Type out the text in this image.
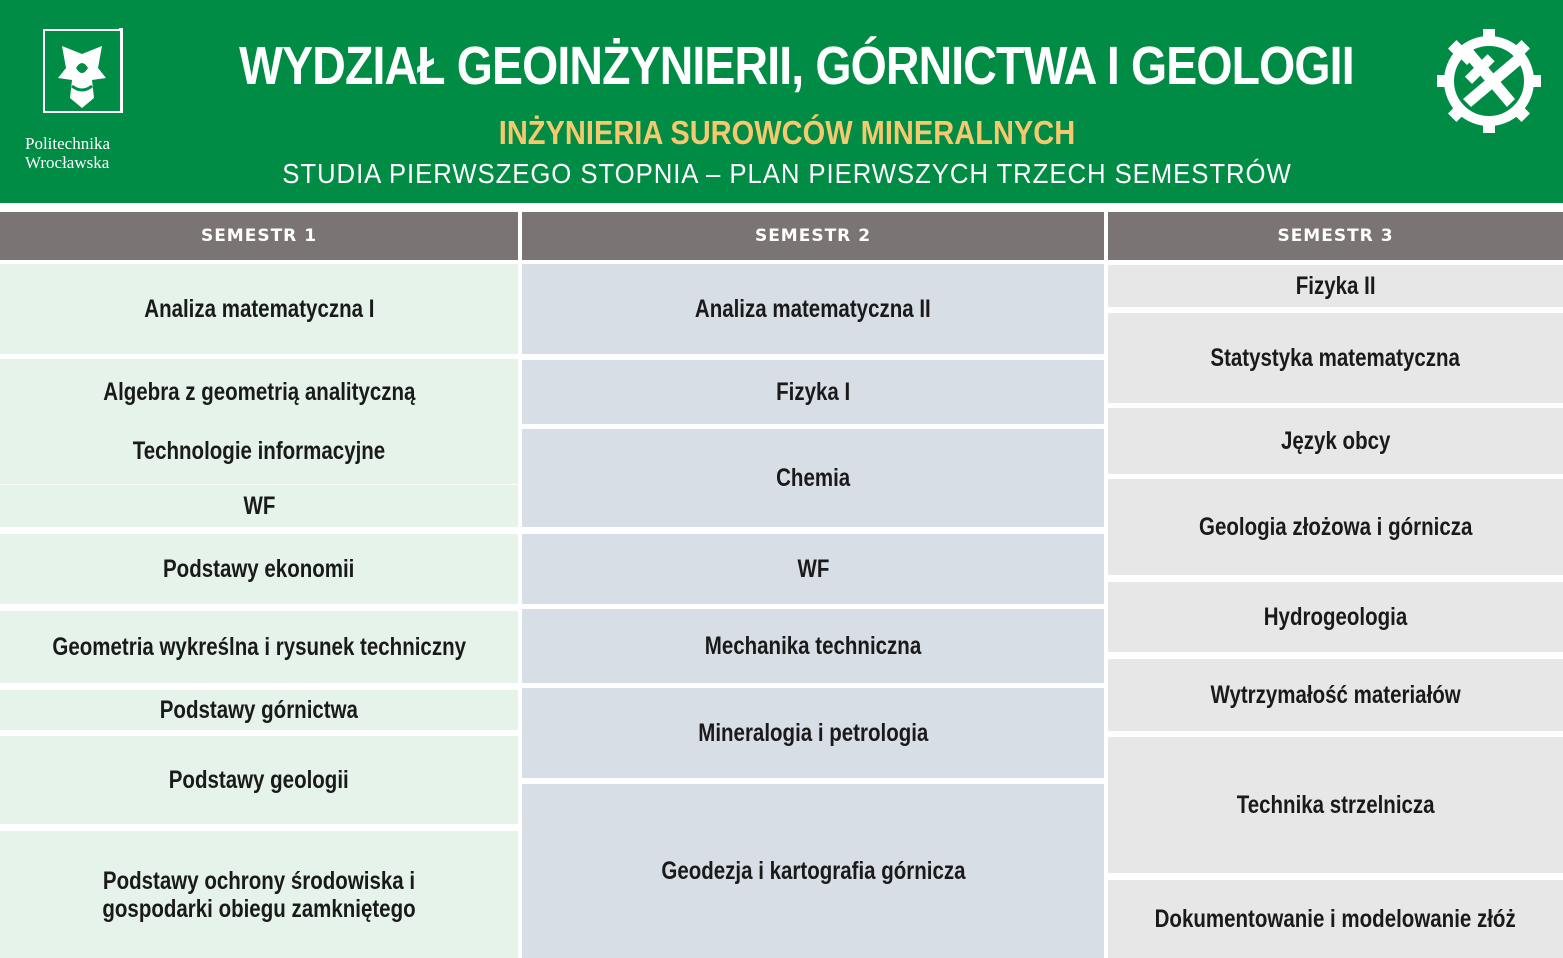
Politechnika
Wrocławska
WYDZIAŁ GEOINŻYNIERII, GÓRNICTWA I GEOLOGII
INŻYNIERIA SUROWCÓW MINERALNYCH
STUDIA PIERWSZEGO STOPNIA – PLAN PIERWSZYCH TRZECH SEMESTRÓW
SEMESTR 1
Analiza matematyczna I
Algebra z geometrią analityczną
Technologie informacyjne
WF
Podstawy ekonomii
Geometria wykreślna i rysunek techniczny
Podstawy górnictwa
Podstawy geologii
Podstawy ochrony środowiska i gospodarki obiegu zamkniętego
SEMESTR 2
Analiza matematyczna II
Fizyka I
Chemia
WF
Mechanika techniczna
Mineralogia i petrologia
Geodezja i kartografia górnicza
SEMESTR 3
Fizyka II
Statystyka matematyczna
Język obcy
Geologia złożowa i górnicza
Hydrogeologia
Wytrzymałość materiałów
Technika strzelnicza
Dokumentowanie i modelowanie złóż
